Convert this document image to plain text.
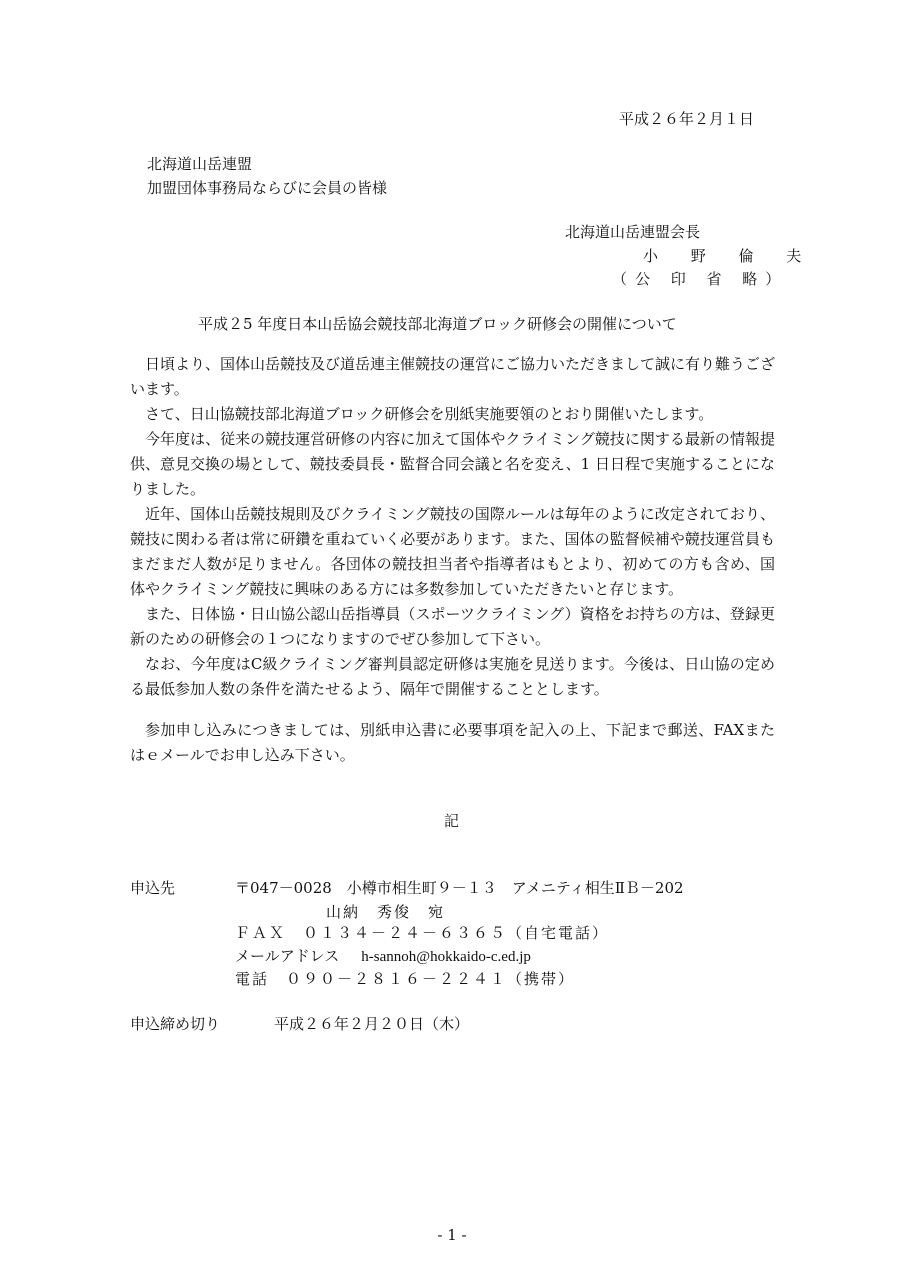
平成２６年２月１日
北海道山岳連盟
加盟団体事務局ならびに会員の皆様
北海道山岳連盟会長
小 野 倫 夫
（公 印 省 略）
平成２5 年度日本山岳協会競技部北海道ブロック研修会の開催について

日頃より、国体山岳競技及び道岳連主催競技の運営にご協力いただきまして誠に有り難うございます。

さて、日山協競技部北海道ブロック研修会を別紙実施要領のとおり開催いたします。

今年度は、従来の競技運営研修の内容に加えて国体やクライミング競技に関する最新の情報提供、意見交換の場として、競技委員長・監督合同会議と名を変え、1 日日程で実施することになりました。

近年、国体山岳競技規則及びクライミング競技の国際ルールは毎年のように改定されており、競技に関わる者は常に研鑽を重ねていく必要があります。また、国体の監督候補や競技運営員もまだまだ人数が足りません。各団体の競技担当者や指導者はもとより、初めての方も含め、国体やクライミング競技に興味のある方には多数参加していただきたいと存じます。

また、日体協・日山協公認山岳指導員（スポーツクライミング）資格をお持ちの方は、登録更新のための研修会の１つになりますのでぜひ参加して下さい。

なお、今年度はC級クライミング審判員認定研修は実施を見送ります。今後は、日山協の定める最低参加人数の条件を満たせるよう、隔年で開催することとします。

参加申し込みにつきましては、別紙申込書に必要事項を記入の上、下記まで郵送、FAXまたはｅメールでお申し込み下さい。

記
申込先	〒047－0028　小樽市相生町９－１３　アメニティ相生ⅡＢ－202
山納　秀俊　宛
ＦＡＸ　０１３４－２４－６３６５（自宅電話）
メールアドレス h-sannoh@hokkaido-c.ed.jp
電話　０９０－２８１６－２２４１（携帯）
申込締め切り	平成２６年２月２０日（木）
- 1 -
